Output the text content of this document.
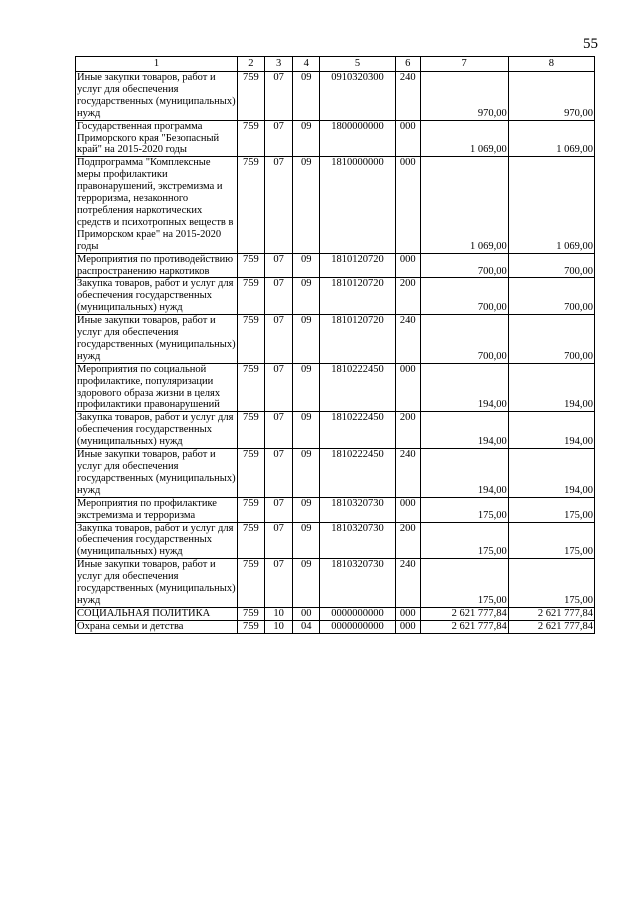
55
1	2	3	4	5	6	7	8
Иные закупки товаров, работ и услуг для обеспечения государственных (муниципальных) нужд	759	07	09	0910320300	240	970,00	970,00
Государственная программа Приморского края "Безопасный край" на 2015-2020 годы	759	07	09	1800000000	000	1 069,00	1 069,00
Подпрограмма "Комплексные меры профилактики правонарушений, экстремизма и терроризма, незаконного потребления наркотических средств и психотропных веществ в Приморском крае" на 2015-2020 годы	759	07	09	1810000000	000	1 069,00	1 069,00
Мероприятия по противодействию распространению наркотиков	759	07	09	1810120720	000	700,00	700,00
Закупка товаров, работ и услуг для обеспечения государственных (муниципальных) нужд	759	07	09	1810120720	200	700,00	700,00
Иные закупки товаров, работ и услуг для обеспечения государственных (муниципальных) нужд	759	07	09	1810120720	240	700,00	700,00
Мероприятия по социальной профилактике, популяризации здорового образа жизни в целях профилактики правонарушений	759	07	09	1810222450	000	194,00	194,00
Закупка товаров, работ и услуг для обеспечения государственных (муниципальных) нужд	759	07	09	1810222450	200	194,00	194,00
Иные закупки товаров, работ и услуг для обеспечения государственных (муниципальных) нужд	759	07	09	1810222450	240	194,00	194,00
Мероприятия по профилактике экстремизма и терроризма	759	07	09	1810320730	000	175,00	175,00
Закупка товаров, работ и услуг для обеспечения государственных (муниципальных) нужд	759	07	09	1810320730	200	175,00	175,00
Иные закупки товаров, работ и услуг для обеспечения государственных (муниципальных) нужд	759	07	09	1810320730	240	175,00	175,00
СОЦИАЛЬНАЯ ПОЛИТИКА	759	10	00	0000000000	000	2 621 777,84	2 621 777,84
Охрана семьи и детства	759	10	04	0000000000	000	2 621 777,84	2 621 777,84
